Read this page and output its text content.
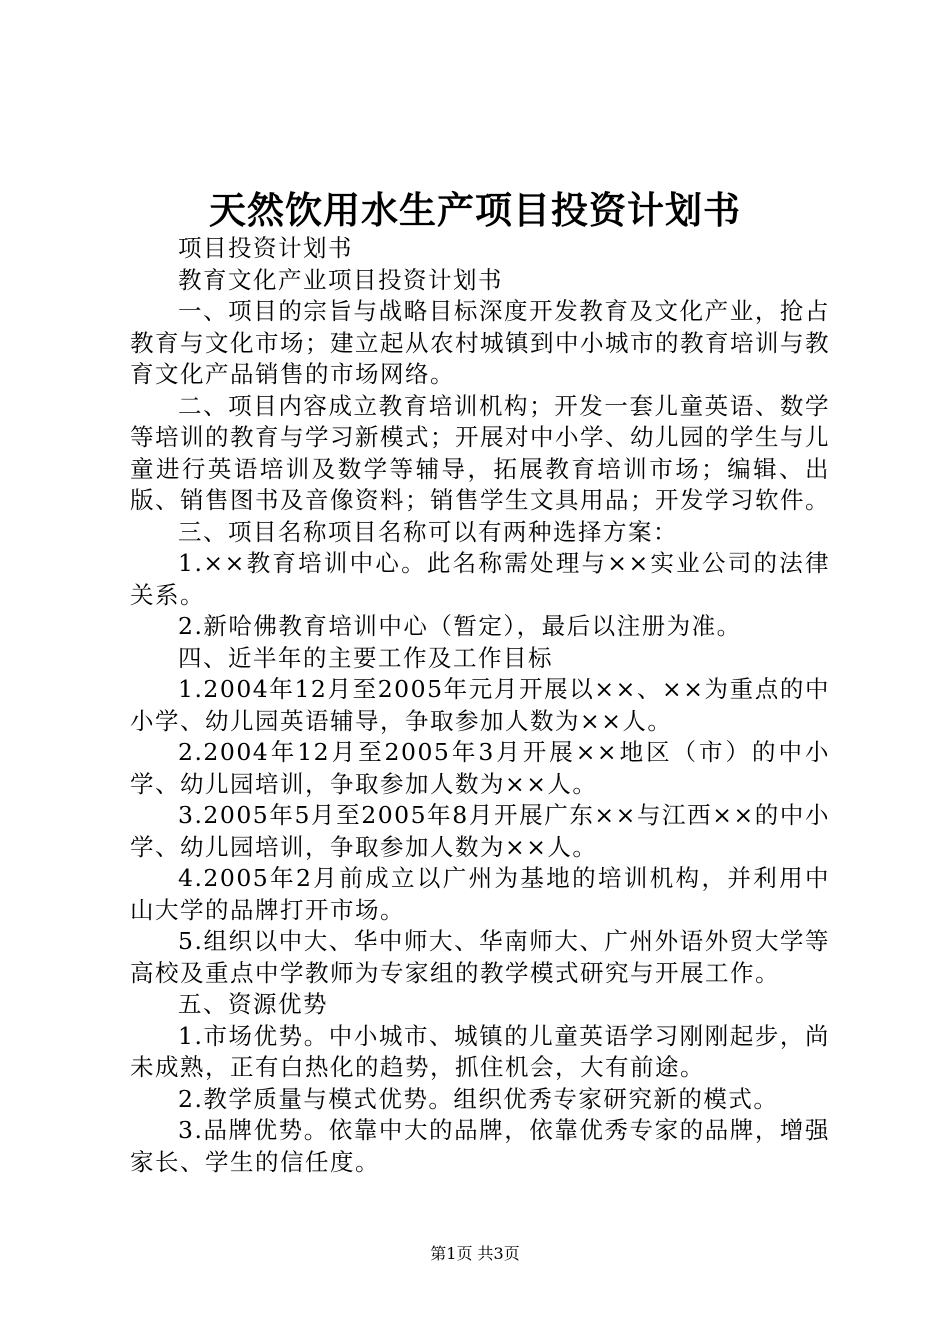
天然饮用水生产项目投资计划书

项目投资计划书

教育文化产业项目投资计划书

一、项目的宗旨与战略目标深度开发教育及文化产业，抢占教育与文化市场；建立起从农村城镇到中小城市的教育培训与教育文化产品销售的市场网络。

二、项目内容成立教育培训机构；开发一套儿童英语、数学等培训的教育与学习新模式；开展对中小学、幼儿园的学生与儿童进行英语培训及数学等辅导，拓展教育培训市场；编辑、出版、销售图书及音像资料；销售学生文具用品；开发学习软件。

三、项目名称项目名称可以有两种选择方案：

1.××教育培训中心。此名称需处理与××实业公司的法律关系。

2.新哈佛教育培训中心（暂定），最后以注册为准。

四、近半年的主要工作及工作目标

1.2004年12月至2005年元月开展以××、××为重点的中小学、幼儿园英语辅导，争取参加人数为××人。

2.2004年12月至2005年3月开展××地区（市）的中小学、幼儿园培训，争取参加人数为××人。

3.2005年5月至2005年8月开展广东××与江西××的中小学、幼儿园培训，争取参加人数为××人。

4.2005年2月前成立以广州为基地的培训机构，并利用中山大学的品牌打开市场。

5.组织以中大、华中师大、华南师大、广州外语外贸大学等高校及重点中学教师为专家组的教学模式研究与开展工作。

五、资源优势

1.市场优势。中小城市、城镇的儿童英语学习刚刚起步，尚未成熟，正有白热化的趋势，抓住机会，大有前途。

2.教学质量与模式优势。组织优秀专家研究新的模式。

3.品牌优势。依靠中大的品牌，依靠优秀专家的品牌，增强家长、学生的信任度。

第1页 共3页
